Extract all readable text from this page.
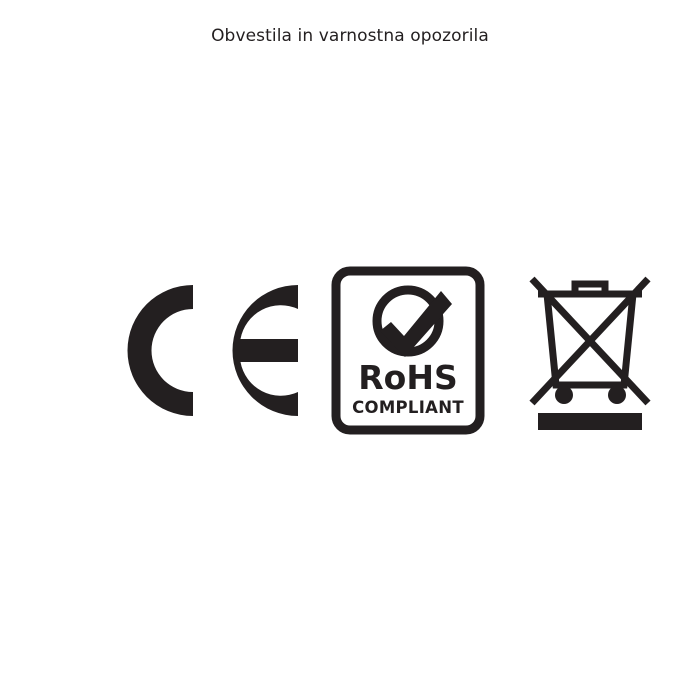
Obvestila in varnostna opozorila
RoHS
COMPLIANT
